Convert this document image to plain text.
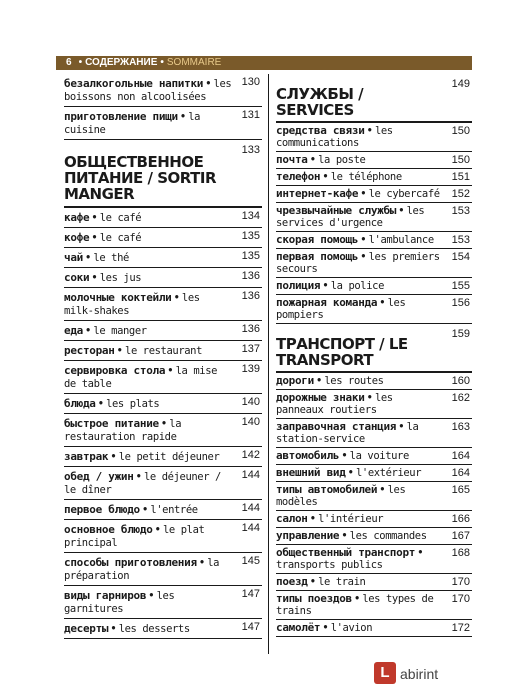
6 • СОДЕРЖАНИЕ • SOMMAIRE
безалкогольные напитки • les boissons non alcoolisées
130
приготовление пищи • la cuisine
131
ОБЩЕСТВЕННОЕ ПИТАНИЕ / SORTIR MANGER
133
кафе • le café	134
кофе • le café	135
чай • le thé	135
соки • les jus	136
молочные коктейли • les milk-shakes
136
еда • le manger	136
ресторан • le restaurant	137
сервировка стола • la mise de table
139
блюда • les plats	140
быстрое питание • la restauration rapide
140
завтрак • le petit déjeuner 142
обед / ужин • le déjeuner / le dîner
144
первое блюдо • l'entrée	144
основное блюдо • le plat principal
144
способы приготовления • la préparation
145
виды гарниров • les garnitures
147
десерты • les desserts	147
СЛУЖБЫ / SERVICES
149
средства связи • les communications
150
почта • la poste	150
телефон • le téléphone	151
интернет-кафе • le cybercafé 152
чрезвычайные службы • les services d'urgence
153
скорая помощь • l'ambulance 153
первая помощь • les premiers secours
154
полиция • la police	155
пожарная команда • les pompiers
156
ТРАНСПОРТ / LE TRANSPORT
159
дороги • les routes	160
дорожные знаки • les panneaux routiers
162
заправочная станция • la station-service
163
автомобиль • la voiture	164
внешний вид • l'extérieur	164
типы автомобилей • les modèles
165
салон • l'intérieur	166
управление • les commandes 167
общественный транспорт • transports publics
168
поезд • le train	170
типы поездов • les types de trains
170
самолёт • l'avion	172
L abirint
